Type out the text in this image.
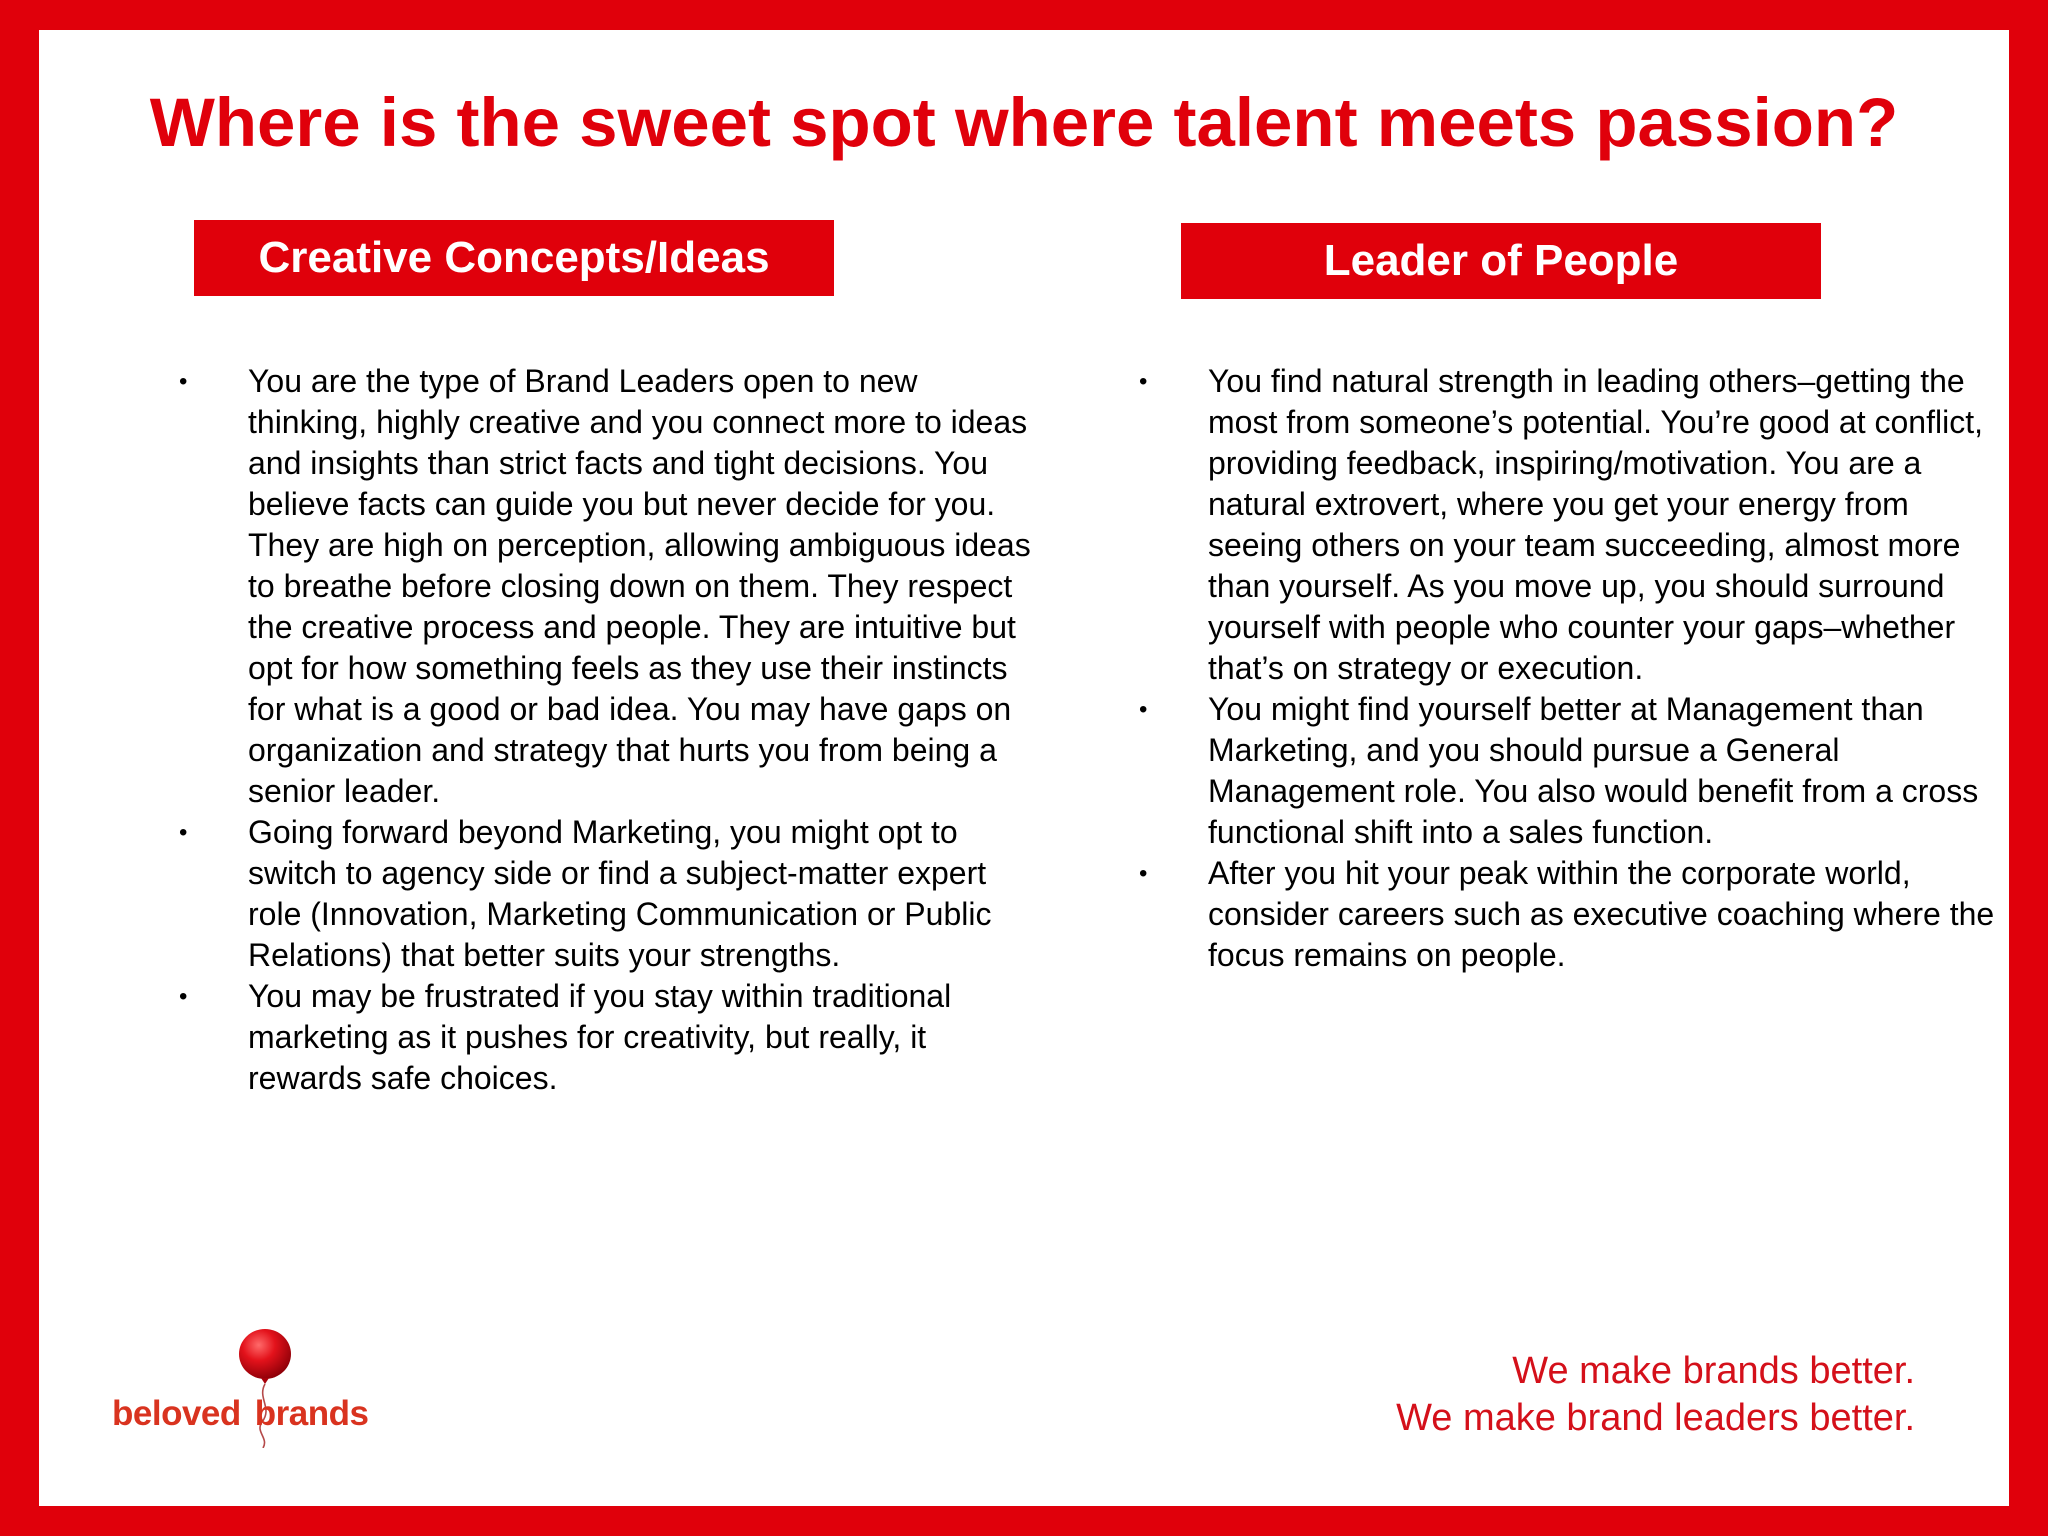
Where is the sweet spot where talent meets passion?
Creative Concepts/Ideas	Leader of People
• You are the type of Brand Leaders open to new thinking, highly creative and you connect more to ideas and insights than strict facts and tight decisions. You believe facts can guide you but never decide for you. They are high on perception, allowing ambiguous ideas to breathe before closing down on them. They respect the creative process and people. They are intuitive but opt for how something feels as they use their instincts for what is a good or bad idea. You may have gaps on organization and strategy that hurts you from being a senior leader.
• Going forward beyond Marketing, you might opt to switch to agency side or find a subject-matter expert role (Innovation, Marketing Communication or Public Relations) that better suits your strengths.
• You may be frustrated if you stay within traditional marketing as it pushes for creativity, but really, it rewards safe choices.
• You find natural strength in leading others–getting the most from someone’s potential. You’re good at conflict, providing feedback, inspiring/motivation. You are a natural extrovert, where you get your energy from seeing others on your team succeeding, almost more than yourself. As you move up, you should surround yourself with people who counter your gaps–whether that’s on strategy or execution.
• You might find yourself better at Management than Marketing, and you should pursue a General Management role. You also would benefit from a cross functional shift into a sales function.
• After you hit your peak within the corporate world, consider careers such as executive coaching where the focus remains on people.
beloved brands
We make brands better.
We make brand leaders better.
